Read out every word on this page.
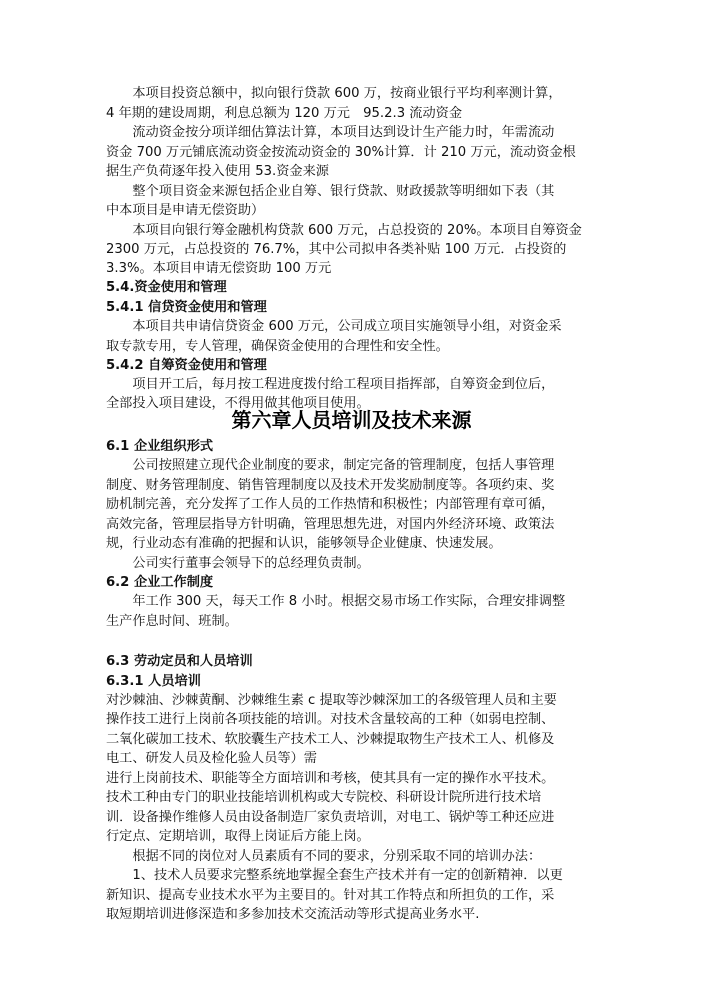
　　本项目投资总额中，拟向银行贷款 600 万，按商业银行平均利率测计算，

4 年期的建设周期，利息总额为 120 万元　95.2.3 流动资金

　　流动资金按分项详细估算法计算，本项目达到设计生产能力时，年需流动

资金 700 万元铺底流动资金按流动资金的 30%计算．计 210 万元，流动资金根

据生产负荷逐年投入使用 53.资金来源

　　整个项目资金来源包括企业自筹、银行贷款、财政援款等明细如下表（其

中本项目是申请无偿资助）

　　本项目向银行筹金融机构贷款 600 万元，占总投资的 20%。本项目自筹资金

2300 万元，占总投资的 76.7%，其中公司拟申各类补贴 100 万元．占投资的

3.3%。本项目申请无偿资助 100 万元

5.4.资金使用和管理

5.4.1 信贷资金使用和管理

　　本项目共申请信贷资金 600 万元，公司成立项目实施领导小组，对资金采

取专款专用，专人管理，确保资金使用的合理性和安全性。

5.4.2 自筹资金使用和管理

　　项目开工后，每月按工程进度拨付给工程项目指挥部，自筹资金到位后，

全部投入项目建设，不得用做其他项目使用。

第六章人员培训及技术来源

6.1 企业组织形式

　　公司按照建立现代企业制度的要求，制定完备的管理制度，包括人事管理

制度、财务管理制度、销售管理制度以及技术开发奖励制度等。各项约束、奖

励机制完善，充分发挥了工作人员的工作热情和积极性；内部管理有章可循，

高效完备，管理层指导方针明确，管理思想先进，对国内外经济环境、政策法

规，行业动态有准确的把握和认识，能够领导企业健康、快速发展。

　　公司实行董事会领导下的总经理负责制。

6.2 企业工作制度

　　年工作 300 天，每天工作 8 小时。根据交易市场工作实际，合理安排调整

生产作息时间、班制。

6.3 劳动定员和人员培训

6.3.1 人员培训

对沙棘油、沙棘黄酮、沙棘维生素 c 提取等沙棘深加工的各级管理人员和主要

操作技工进行上岗前各项技能的培训。对技术含量较高的工种（如弱电控制、

二氧化碳加工技术、软胶囊生产技术工人、沙棘提取物生产技术工人、机修及

电工、研发人员及检化验人员等）需

进行上岗前技术、职能等全方面培训和考核，使其具有一定的操作水平技术。

技术工种由专门的职业技能培训机构或大专院校、科研设计院所进行技术培

训．设备操作维修人员由设备制造厂家负责培训，对电工、锅炉等工种还应进

行定点、定期培训，取得上岗证后方能上岗。

　　根据不同的岗位对人员素质有不同的要求，分别采取不同的培训办法：

　　1、技术人员要求完整系统地掌握全套生产技术并有一定的创新精神．以更

新知识、提高专业技术水平为主要目的。针对其工作特点和所担负的工作，采

取短期培训进修深造和多参加技术交流活动等形式提高业务水平.
